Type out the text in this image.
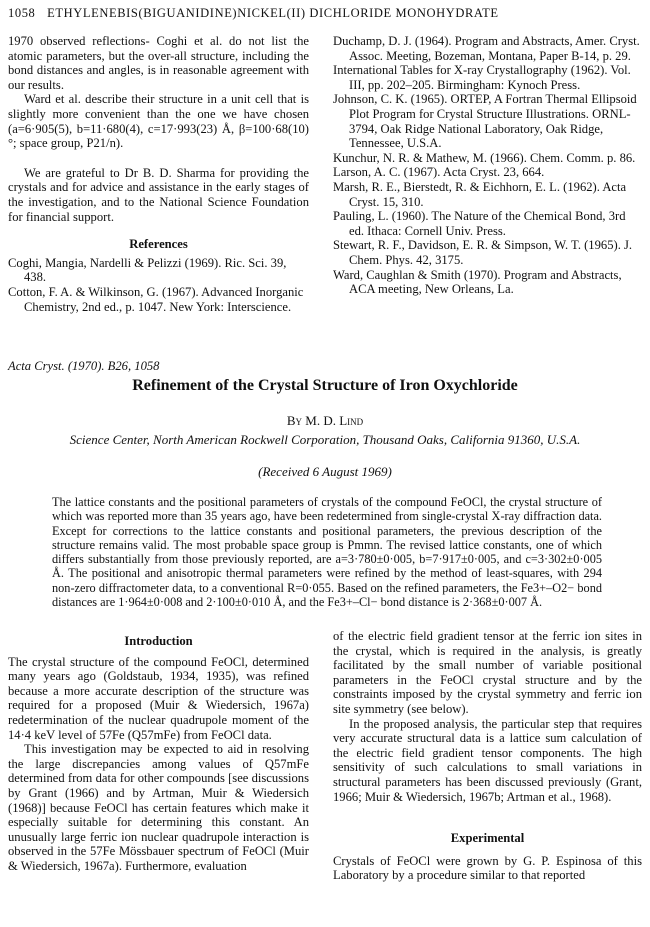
1058 ETHYLENEBIS(BIGUANIDINE)NICKEL(II) DICHLORIDE MONOHYDRATE

1970 observed reflections- Coghi et al. do not list the atomic parameters, but the over-all structure, including the bond distances and angles, is in reasonable agreement with our results.

Ward et al. describe their structure in a unit cell that is slightly more convenient than the one we have chosen (a=6·905(5), b=11·680(4), c=17·993(23) Å, β=100·68(10)°; space group, P21/n).

We are grateful to Dr B. D. Sharma for providing the crystals and for advice and assistance in the early stages of the investigation, and to the National Science Foundation for financial support.

References

Coghi, Mangia, Nardelli & Pelizzi (1969). Ric. Sci. 39, 438.

Cotton, F. A. & Wilkinson, G. (1967). Advanced Inorganic Chemistry, 2nd ed., p. 1047. New York: Interscience.

Duchamp, D. J. (1964). Program and Abstracts, Amer. Cryst. Assoc. Meeting, Bozeman, Montana, Paper B-14, p. 29.

International Tables for X-ray Crystallography (1962). Vol. III, pp. 202–205. Birmingham: Kynoch Press.

Johnson, C. K. (1965). ORTEP, A Fortran Thermal Ellipsoid Plot Program for Crystal Structure Illustrations. ORNL-3794, Oak Ridge National Laboratory, Oak Ridge, Tennessee, U.S.A.

Kunchur, N. R. & Mathew, M. (1966). Chem. Comm. p. 86.

Larson, A. C. (1967). Acta Cryst. 23, 664.

Marsh, R. E., Bierstedt, R. & Eichhorn, E. L. (1962). Acta Cryst. 15, 310.

Pauling, L. (1960). The Nature of the Chemical Bond, 3rd ed. Ithaca: Cornell Univ. Press.

Stewart, R. F., Davidson, E. R. & Simpson, W. T. (1965). J. Chem. Phys. 42, 3175.

Ward, Caughlan & Smith (1970). Program and Abstracts, ACA meeting, New Orleans, La.

Acta Cryst. (1970). B26, 1058
Refinement of the Crystal Structure of Iron Oxychloride
By M. D. Lind
Science Center, North American Rockwell Corporation, Thousand Oaks, California 91360, U.S.A.
(Received 6 August 1969)
The lattice constants and the positional parameters of crystals of the compound FeOCl, the crystal structure of which was reported more than 35 years ago, have been redetermined from single-crystal X-ray diffraction data. Except for corrections to the lattice constants and positional parameters, the previous description of the structure remains valid. The most probable space group is Pmmn. The revised lattice constants, one of which differs substantially from those previously reported, are a=3·780±0·005, b=7·917±0·005, and c=3·302±0·005 Å. The positional and anisotropic thermal parameters were refined by the method of least-squares, with 294 non-zero diffractometer data, to a conventional R=0·055. Based on the refined parameters, the Fe3+–O2− bond distances are 1·964±0·008 and 2·100±0·010 Å, and the Fe3+–Cl− bond distance is 2·368±0·007 Å.

Introduction

The crystal structure of the compound FeOCl, determined many years ago (Goldstaub, 1934, 1935), was refined because a more accurate description of the structure was required for a proposed (Muir & Wiedersich, 1967a) redetermination of the nuclear quadrupole moment of the 14·4 keV level of 57Fe (Q57mFe) from FeOCl data.

This investigation may be expected to aid in resolving the large discrepancies among values of Q57mFe determined from data for other compounds [see discussions by Grant (1966) and by Artman, Muir & Wiedersich (1968)] because FeOCl has certain features which make it especially suitable for determining this constant. An unusually large ferric ion nuclear quadrupole interaction is observed in the 57Fe Mössbauer spectrum of FeOCl (Muir & Wiedersich, 1967a). Furthermore, evaluation

of the electric field gradient tensor at the ferric ion sites in the crystal, which is required in the analysis, is greatly facilitated by the small number of variable positional parameters in the FeOCl crystal structure and by the constraints imposed by the crystal symmetry and ferric ion site symmetry (see below).

In the proposed analysis, the particular step that requires very accurate structural data is a lattice sum calculation of the electric field gradient tensor components. The high sensitivity of such calculations to small variations in structural parameters has been discussed previously (Grant, 1966; Muir & Wiedersich, 1967b; Artman et al., 1968).

Experimental

Crystals of FeOCl were grown by G. P. Espinosa of this Laboratory by a procedure similar to that reported
